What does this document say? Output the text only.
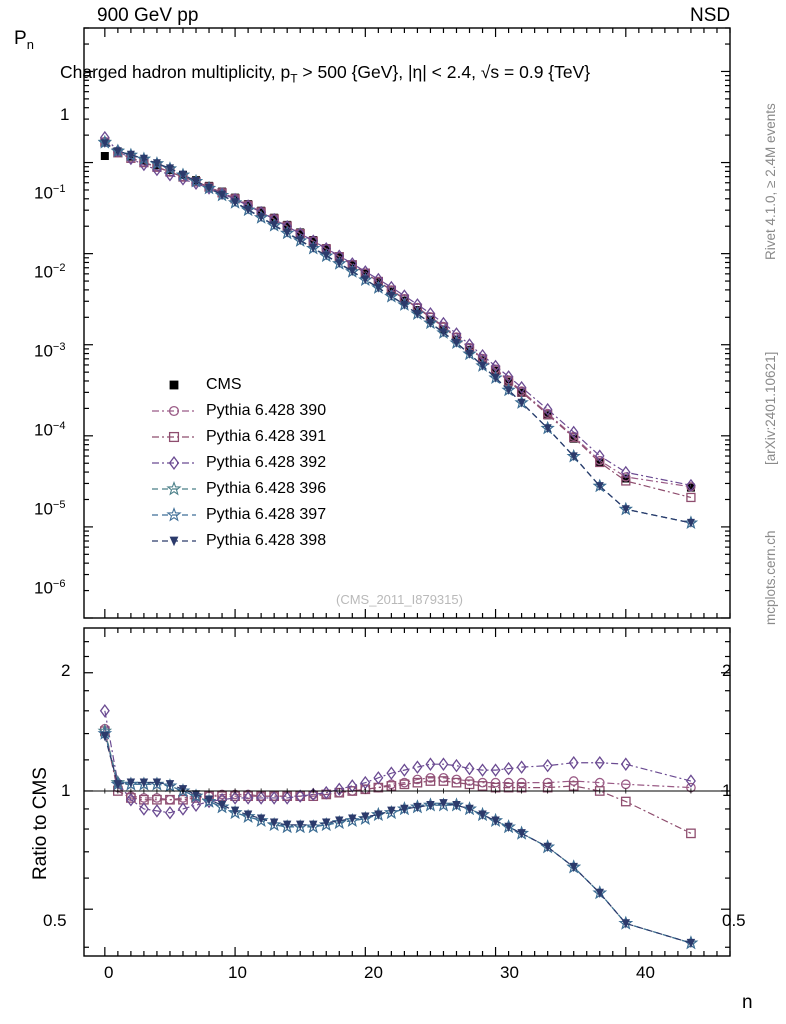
900 GeV pp	NSD
$P_n$
Ratio to CMS
n
Charged hadron multiplicity, $p_T > 500$ {GeV}, |η| < 2.4, √s = 0.9 {TeV}
Rivet 4.1.0, ≥ 2.4M events
[arXiv:2401.10621]
mcplots.cern.ch
(CMS_2011_I879315)
1
$10^{-1}$
$10^{-2}$
$10^{-3}$
$10^{-4}$
$10^{-5}$
$10^{-6}$
2
1
0.5
2
1
0.5
0	10	20	30	40
CMS
Pythia 6.428 390
Pythia 6.428 391
Pythia 6.428 392
Pythia 6.428 396
Pythia 6.428 397
Pythia 6.428 398
